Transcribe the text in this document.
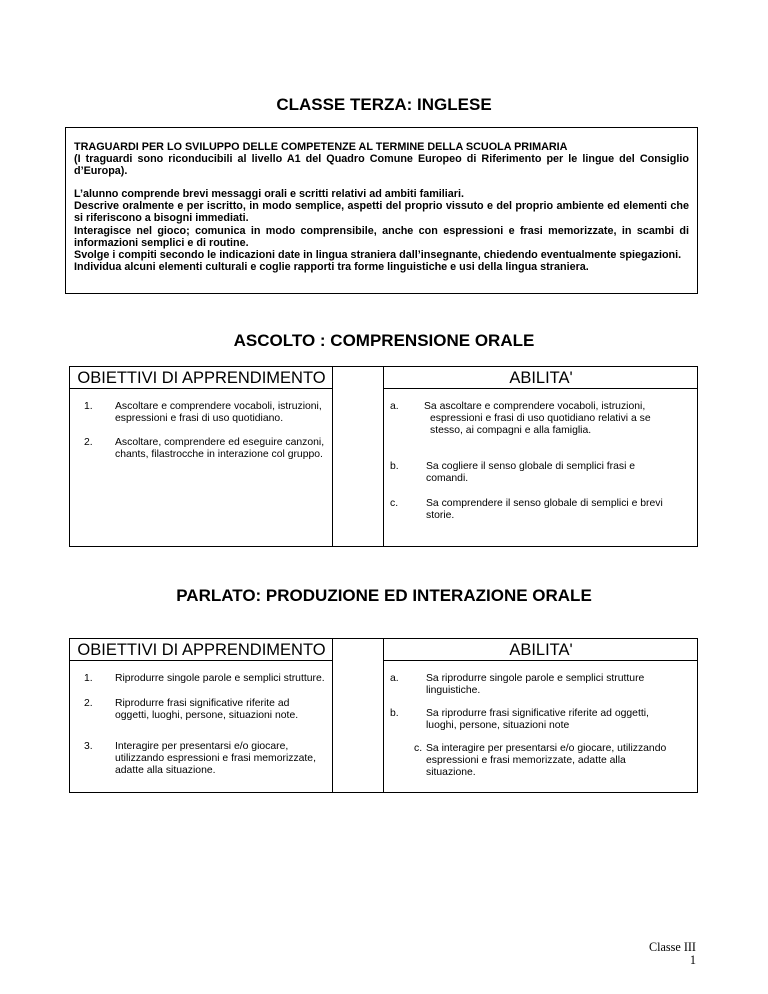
CLASSE TERZA: INGLESE

TRAGUARDI PER LO SVILUPPO DELLE COMPETENZE AL TERMINE DELLA SCUOLA PRIMARIA

(I traguardi sono riconducibili al livello A1 del Quadro Comune Europeo di Riferimento per le lingue del Consiglio d’Europa).

L’alunno comprende brevi messaggi orali e scritti relativi ad ambiti familiari.

Descrive oralmente e per iscritto, in modo semplice, aspetti del proprio vissuto e del proprio ambiente ed elementi che si riferiscono a bisogni immediati.

Interagisce nel gioco; comunica in modo comprensibile, anche con espressioni e frasi memorizzate, in scambi di informazioni semplici e di routine.

Svolge i compiti secondo le indicazioni date in lingua straniera dall’insegnante, chiedendo eventualmente spiegazioni.

Individua alcuni elementi culturali e coglie rapporti tra forme linguistiche e usi della lingua straniera.

ASCOLTO : COMPRENSIONE ORALE
OBIETTIVI DI APPRENDIMENTO	ABILITA'
1. Ascoltare e comprendere vocaboli, istruzioni, espressioni e frasi di uso quotidiano.
2. Ascoltare, comprendere ed eseguire canzoni, chants, filastrocche in interazione col gruppo.
a. Sa ascoltare e comprendere vocaboli, istruzioni, espressioni e frasi di uso quotidiano relativi a se stesso, ai compagni e alla famiglia.
b.	Sa cogliere il senso globale di semplici frasi e comandi.
c.	Sa comprendere il senso globale di semplici e brevi storie.
PARLATO: PRODUZIONE ED INTERAZIONE ORALE
OBIETTIVI DI APPRENDIMENTO	ABILITA'
1. Riprodurre singole parole e semplici strutture.
2. Riprodurre frasi significative riferite ad oggetti, luoghi, persone, situazioni note.
3. Interagire per presentarsi e/o giocare, utilizzando espressioni e frasi memorizzate, adatte alla situazione.
a.	Sa riprodurre singole parole e semplici strutture linguistiche.
b.	Sa riprodurre frasi significative riferite ad oggetti, luoghi, persone, situazioni note
c. Sa interagire per presentarsi e/o giocare, utilizzando espressioni e frasi memorizzate, adatte alla situazione.
Classe III
1
